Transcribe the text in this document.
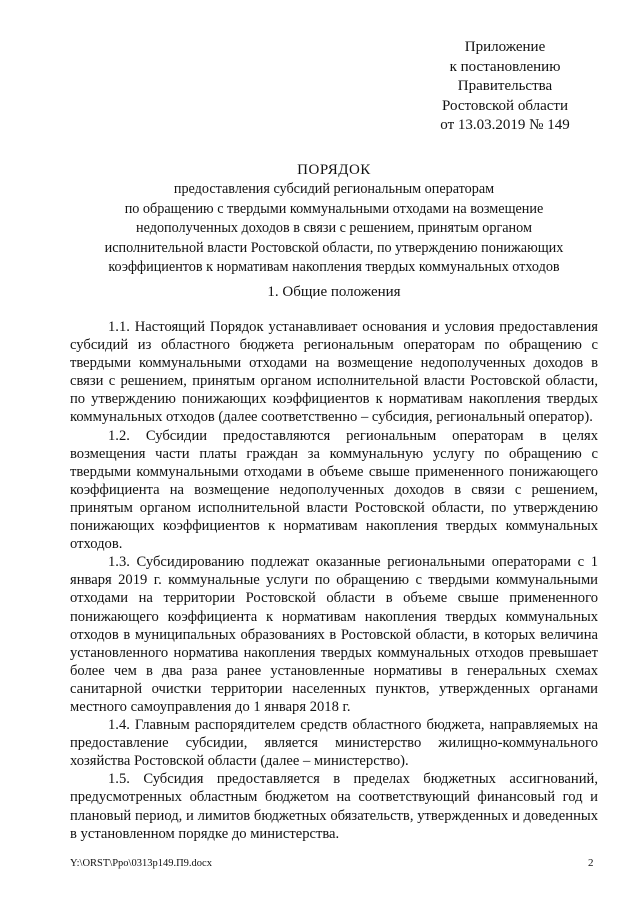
Приложение
к постановлению
Правительства
Ростовской области
от 13.03.2019 № 149
ПОРЯДОК
предоставления субсидий региональным операторам
по обращению с твердыми коммунальными отходами на возмещение
недополученных доходов в связи с решением, принятым органом
исполнительной власти Ростовской области, по утверждению понижающих
коэффициентов к нормативам накопления твердых коммунальных отходов
1. Общие положения

1.1. Настоящий Порядок устанавливает основания и условия предоставления субсидий из областного бюджета региональным операторам по обращению с твердыми коммунальными отходами на возмещение недополученных доходов в связи с решением, принятым органом исполнительной власти Ростовской области, по утверждению понижающих коэффициентов к нормативам накопления твердых коммунальных отходов (далее соответственно – субсидия, региональный оператор).

1.2. Субсидии предоставляются региональным операторам в целях возмещения части платы граждан за коммунальную услугу по обращению с твердыми коммунальными отходами в объеме свыше примененного понижающего коэффициента на возмещение недополученных доходов в связи с решением, принятым органом исполнительной власти Ростовской области, по утверждению понижающих коэффициентов к нормативам накопления твердых коммунальных отходов.

1.3. Субсидированию подлежат оказанные региональными операторами с 1 января 2019 г. коммунальные услуги по обращению с твердыми коммунальными отходами на территории Ростовской области в объеме свыше примененного понижающего коэффициента к нормативам накопления твердых коммунальных отходов в муниципальных образованиях в Ростовской области, в которых величина установленного норматива накопления твердых коммунальных отходов превышает более чем в два раза ранее установленные нормативы в генеральных схемах санитарной очистки территории населенных пунктов, утвержденных органами местного самоуправления до 1 января 2018 г.

1.4. Главным распорядителем средств областного бюджета, направляемых на предоставление субсидии, является министерство жилищно-коммунального хозяйства Ростовской области (далее – министерство).

1.5. Субсидия предоставляется в пределах бюджетных ассигнований, предусмотренных областным бюджетом на соответствующий финансовый год и плановый период, и лимитов бюджетных обязательств, утвержденных и доведенных в установленном порядке до министерства.

Y:\ORST\Ppo\0313p149.П9.docx	2
